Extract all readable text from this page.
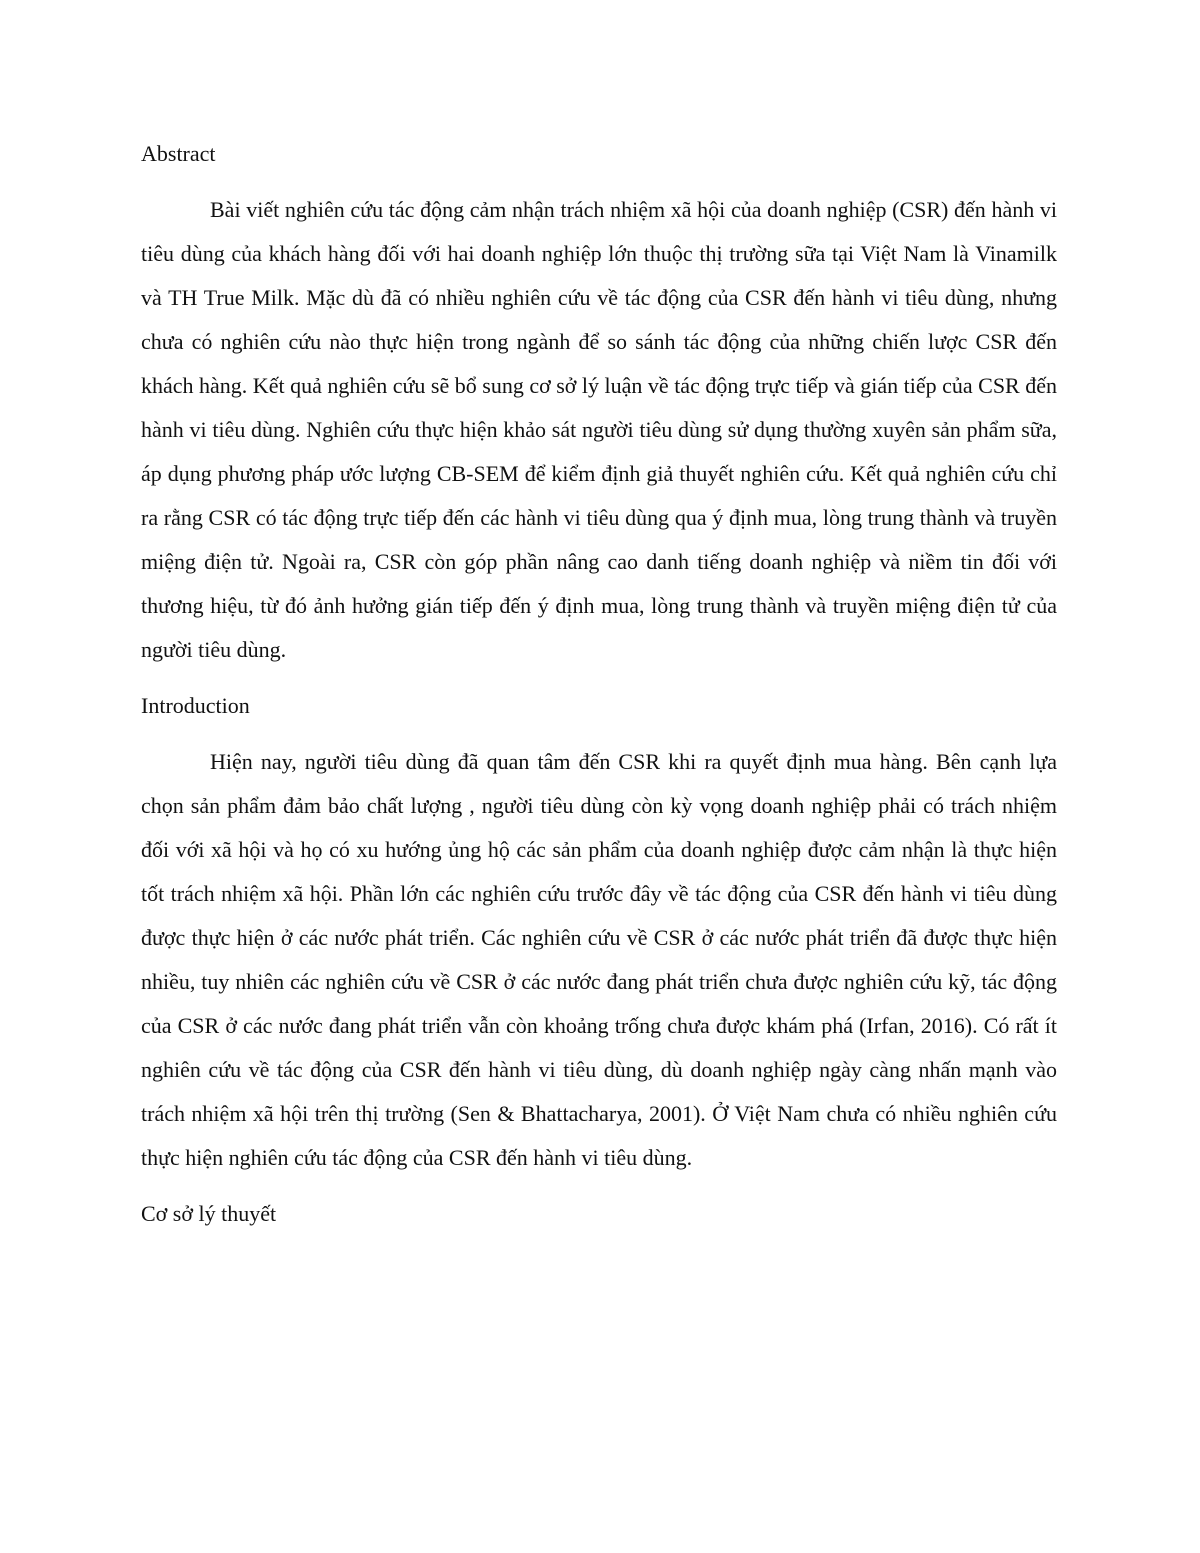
Abstract

Bài viết nghiên cứu tác động cảm nhận trách nhiệm xã hội của doanh nghiệp (CSR) đến hành vi tiêu dùng của khách hàng đối với hai doanh nghiệp lớn thuộc thị trường sữa tại Việt Nam là Vinamilk và TH True Milk. Mặc dù đã có nhiều nghiên cứu về tác động của CSR đến hành vi tiêu dùng, nhưng chưa có nghiên cứu nào thực hiện trong ngành để so sánh tác động của những chiến lược CSR đến khách hàng. Kết quả nghiên cứu sẽ bổ sung cơ sở lý luận về tác động trực tiếp và gián tiếp của CSR đến hành vi tiêu dùng. Nghiên cứu thực hiện khảo sát người tiêu dùng sử dụng thường xuyên sản phẩm sữa, áp dụng phương pháp ước lượng CB-SEM để kiểm định giả thuyết nghiên cứu. Kết quả nghiên cứu chỉ ra rằng CSR có tác động trực tiếp đến các hành vi tiêu dùng qua ý định mua, lòng trung thành và truyền miệng điện tử. Ngoài ra, CSR còn góp phần nâng cao danh tiếng doanh nghiệp và niềm tin đối với thương hiệu, từ đó ảnh hưởng gián tiếp đến ý định mua, lòng trung thành và truyền miệng điện tử của người tiêu dùng.

Introduction

Hiện nay, người tiêu dùng đã quan tâm đến CSR khi ra quyết định mua hàng. Bên cạnh lựa chọn sản phẩm đảm bảo chất lượng , người tiêu dùng còn kỳ vọng doanh nghiệp phải có trách nhiệm đối với xã hội và họ có xu hướng ủng hộ các sản phẩm của doanh nghiệp được cảm nhận là thực hiện tốt trách nhiệm xã hội. Phần lớn các nghiên cứu trước đây về tác động của CSR đến hành vi tiêu dùng được thực hiện ở các nước phát triển. Các nghiên cứu về CSR ở các nước phát triển đã được thực hiện nhiều, tuy nhiên các nghiên cứu về CSR ở các nước đang phát triển chưa được nghiên cứu kỹ, tác động của CSR ở các nước đang phát triển vẫn còn khoảng trống chưa được khám phá (Irfan, 2016). Có rất ít nghiên cứu về tác động của CSR đến hành vi tiêu dùng, dù doanh nghiệp ngày càng nhấn mạnh vào trách nhiệm xã hội trên thị trường (Sen & Bhattacharya, 2001). Ở Việt Nam chưa có nhiều nghiên cứu thực hiện nghiên cứu tác động của CSR đến hành vi tiêu dùng.

Cơ sở lý thuyết
